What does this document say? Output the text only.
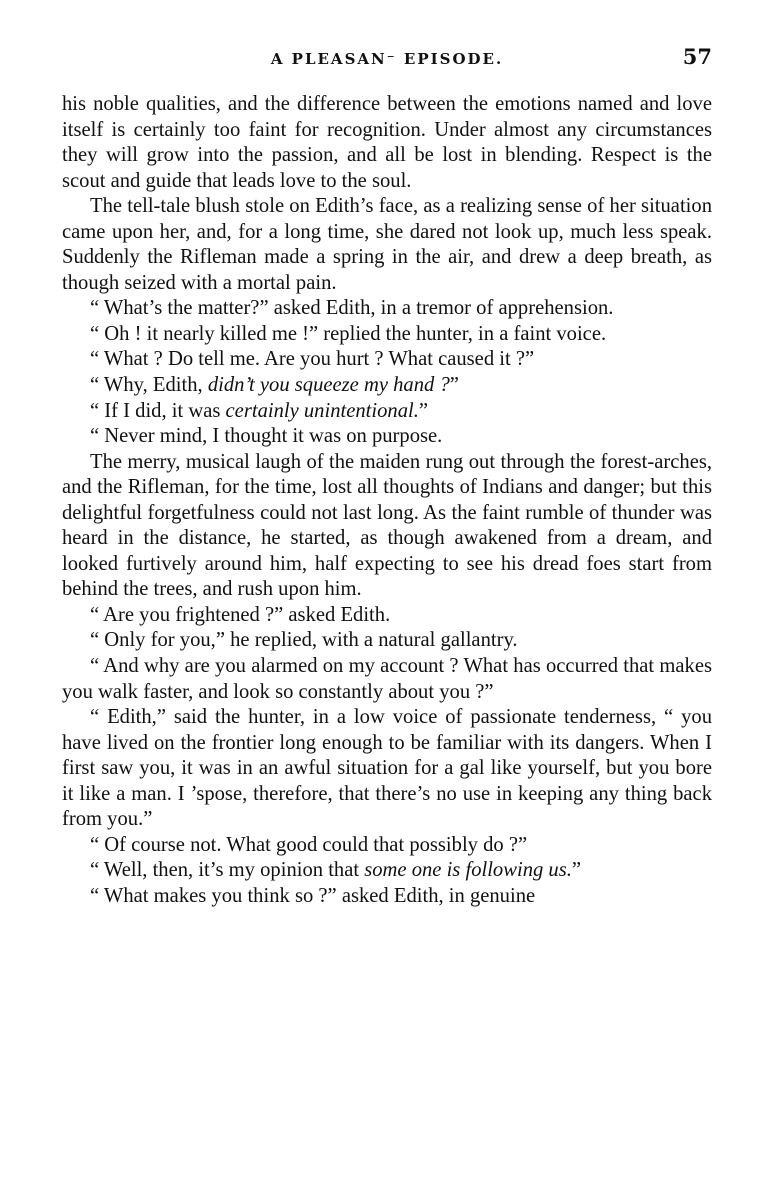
A PLEASAN⁻ EPISODE.	57

his noble qualities, and the difference between the emotions named and love itself is certainly too faint for recognition. Under almost any circumstances they will grow into the passion, and all be lost in blending. Respect is the scout and guide that leads love to the soul.

The tell-tale blush stole on Edith’s face, as a realizing sense of her situation came upon her, and, for a long time, she dared not look up, much less speak. Suddenly the Rifleman made a spring in the air, and drew a deep breath, as though seized with a mortal pain.

“ What’s the matter?” asked Edith, in a tremor of apprehension.

“ Oh ! it nearly killed me !” replied the hunter, in a faint voice.

“ What ? Do tell me. Are you hurt ? What caused it ?”

“ Why, Edith, didn’t you squeeze my hand ?”

“ If I did, it was certainly unintentional.”

“ Never mind, I thought it was on purpose.

The merry, musical laugh of the maiden rung out through the forest-arches, and the Rifleman, for the time, lost all thoughts of Indians and danger; but this delightful forgetfulness could not last long. As the faint rumble of thunder was heard in the distance, he started, as though awakened from a dream, and looked furtively around him, half expecting to see his dread foes start from behind the trees, and rush upon him.

“ Are you frightened ?” asked Edith.

“ Only for you,” he replied, with a natural gallantry.

“ And why are you alarmed on my account ? What has occurred that makes you walk faster, and look so constantly about you ?”

“ Edith,” said the hunter, in a low voice of passionate tenderness, “ you have lived on the frontier long enough to be familiar with its dangers. When I first saw you, it was in an awful situation for a gal like yourself, but you bore it like a man. I ’spose, therefore, that there’s no use in keeping any thing back from you.”

“ Of course not. What good could that possibly do ?”

“ Well, then, it’s my opinion that some one is following us.”

“ What makes you think so ?” asked Edith, in genuine
